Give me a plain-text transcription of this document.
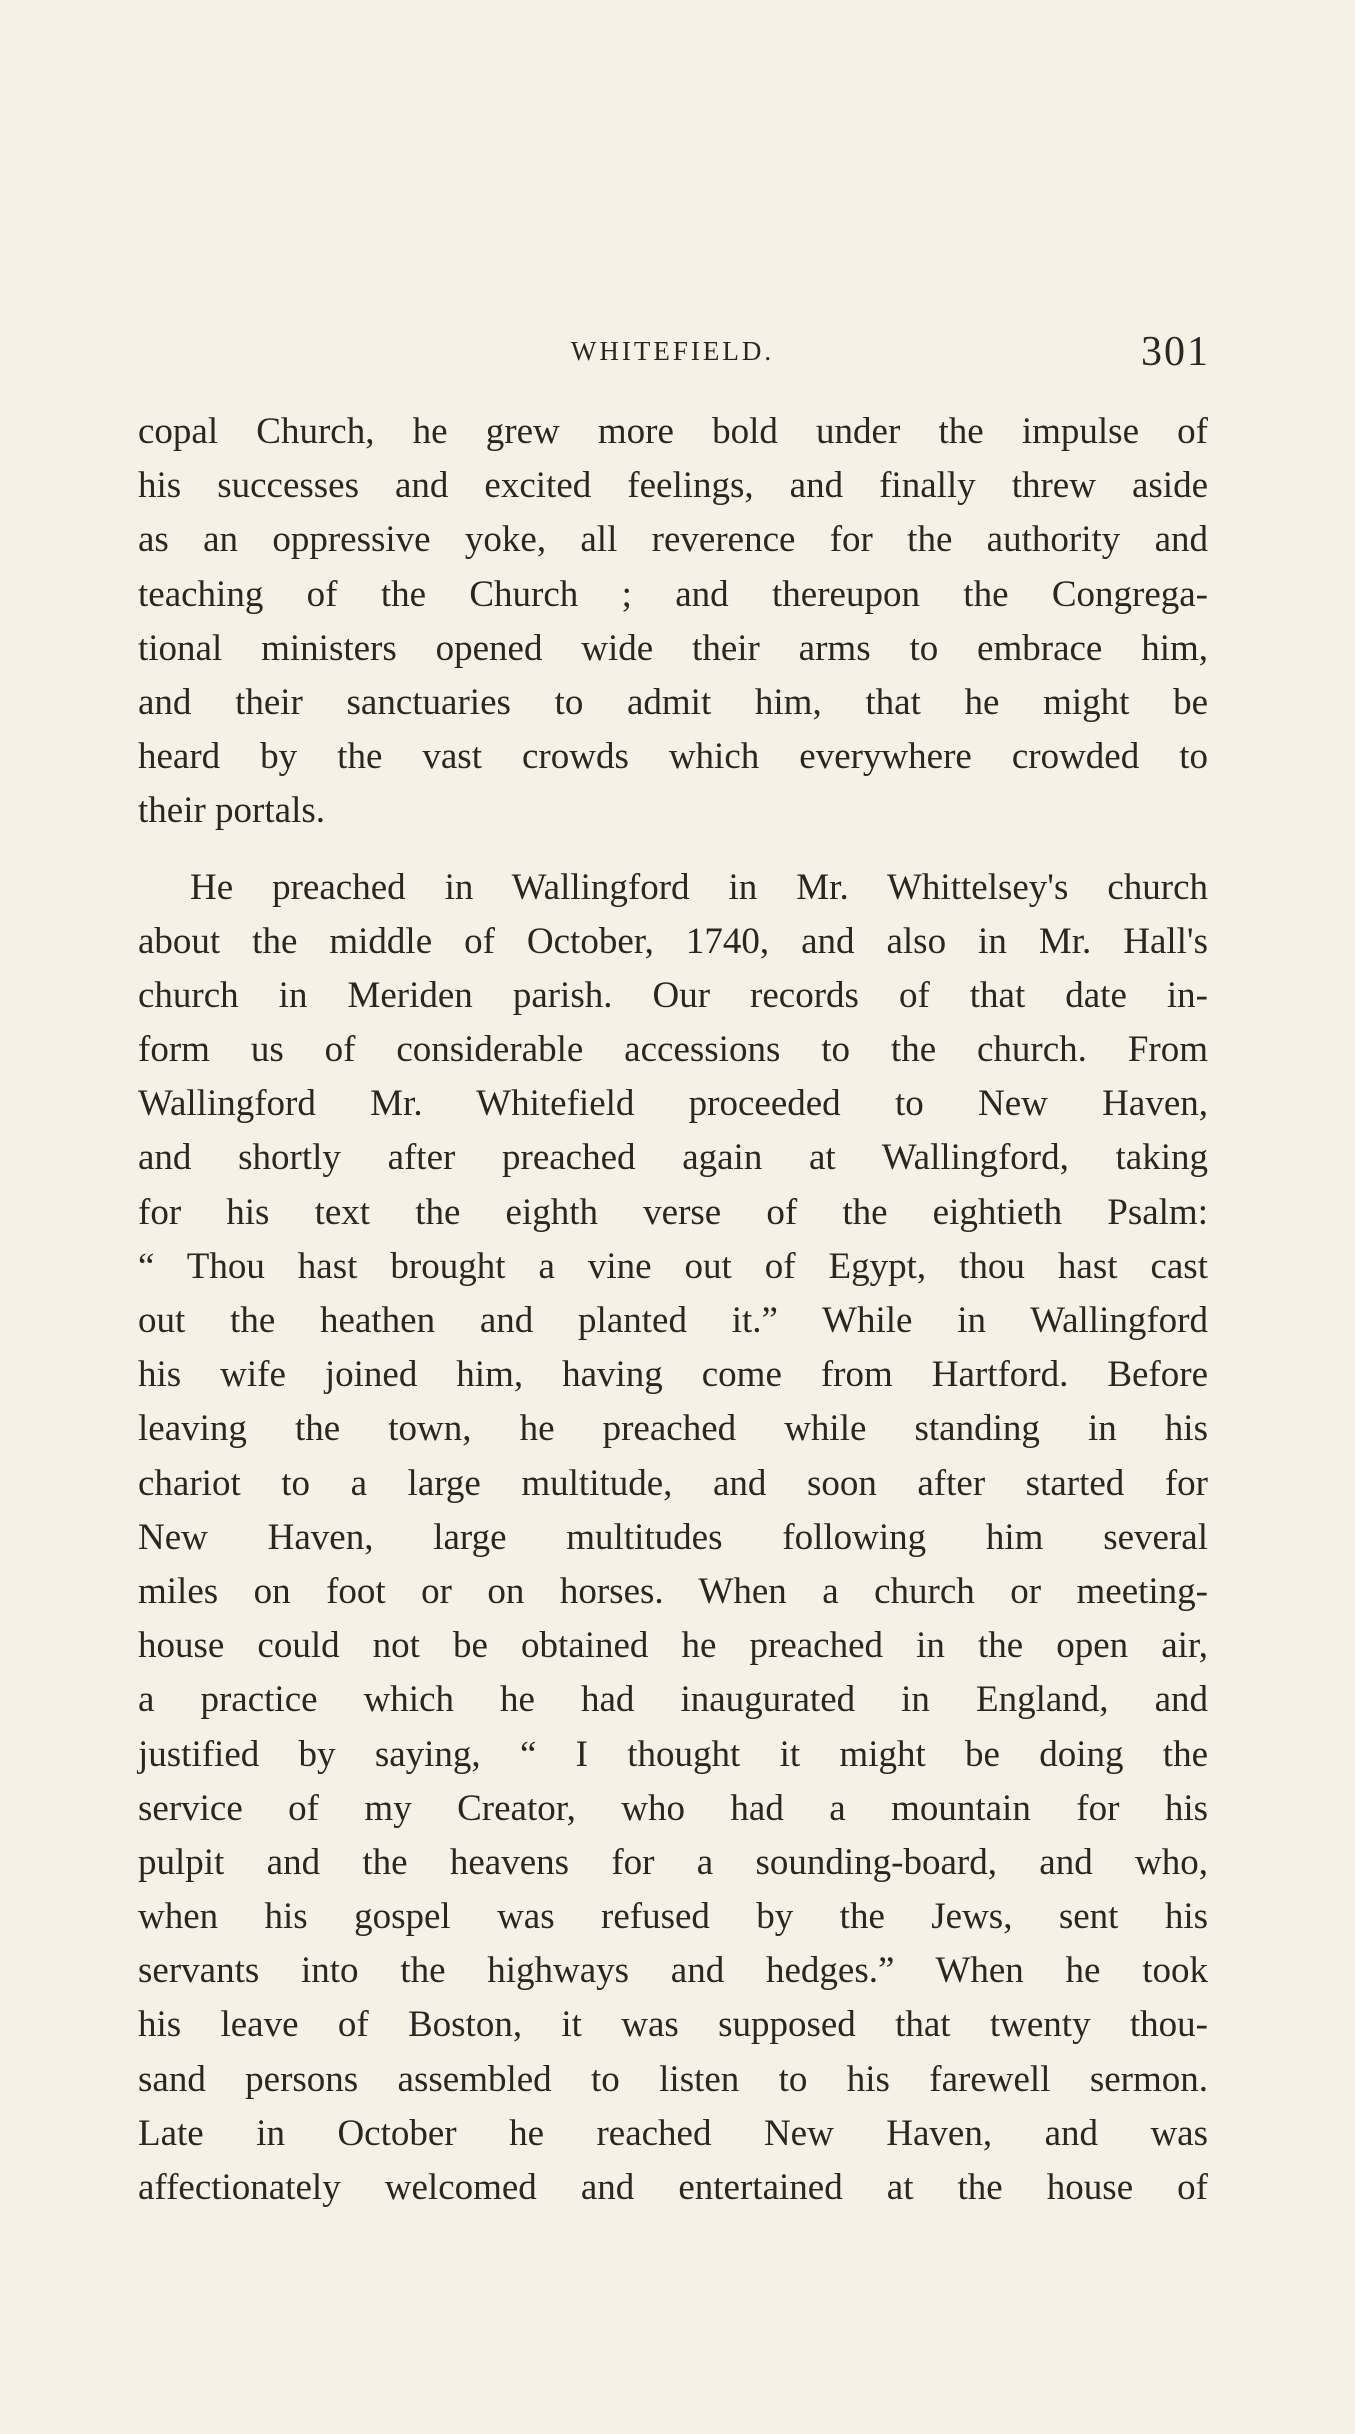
WHITEFIELD.	301
copal Church, he grew more bold under the impulse of
his successes and excited feelings, and finally threw aside
as an oppressive yoke, all reverence for the authority and
teaching of the Church ; and thereupon the Congrega-
tional ministers opened wide their arms to embrace him,
and their sanctuaries to admit him, that he might be
heard by the vast crowds which everywhere crowded to
their portals.
He preached in Wallingford in Mr. Whittelsey's church
about the middle of October, 1740, and also in Mr. Hall's
church in Meriden parish. Our records of that date in-
form us of considerable accessions to the church. From
Wallingford Mr. Whitefield proceeded to New Haven,
and shortly after preached again at Wallingford, taking
for his text the eighth verse of the eightieth Psalm:
“ Thou hast brought a vine out of Egypt, thou hast cast
out the heathen and planted it.” While in Wallingford
his wife joined him, having come from Hartford. Before
leaving the town, he preached while standing in his
chariot to a large multitude, and soon after started for
New Haven, large multitudes following him several
miles on foot or on horses. When a church or meeting-
house could not be obtained he preached in the open air,
a practice which he had inaugurated in England, and
justified by saying, “ I thought it might be doing the
service of my Creator, who had a mountain for his
pulpit and the heavens for a sounding-board, and who,
when his gospel was refused by the Jews, sent his
servants into the highways and hedges.” When he took
his leave of Boston, it was supposed that twenty thou-
sand persons assembled to listen to his farewell sermon.
Late in October he reached New Haven, and was
affectionately welcomed and entertained at the house of
